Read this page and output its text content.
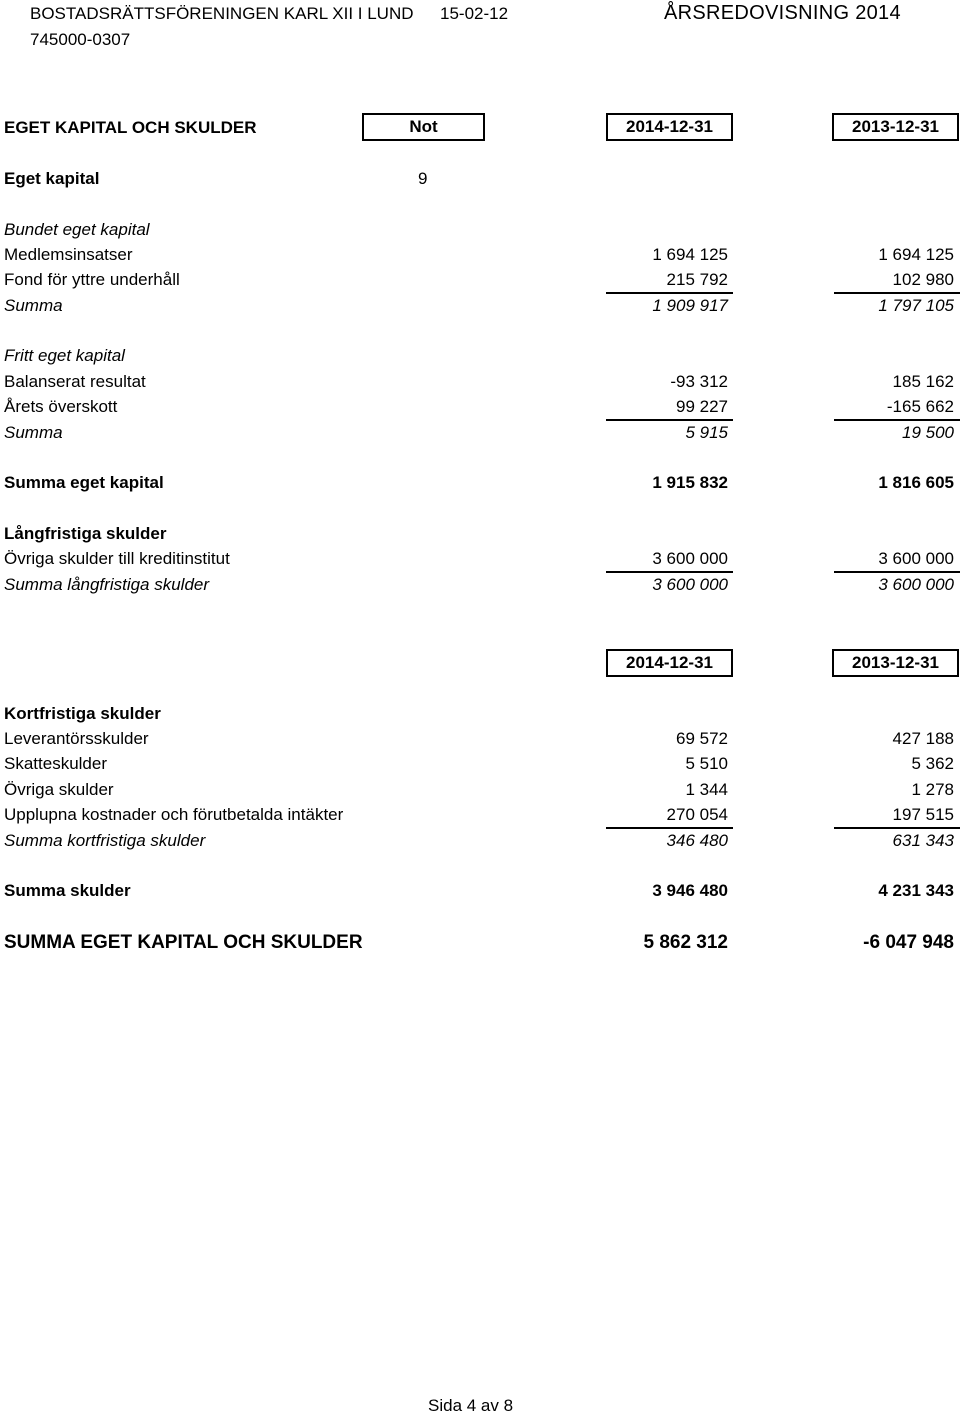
BOSTADSRÄTTSFÖRENINGEN KARL XII I LUND 15-02-12	ÅRSREDOVISNING 2014
745000-0307
EGET KAPITAL OCH SKULDER	Not	2014-12-31	2013-12-31
Eget kapital	9
Bundet eget kapital
Medlemsinsatser	1 694 125	1 694 125
Fond för yttre underhåll	215 792	102 980
Summa	1 909 917	1 797 105
Fritt eget kapital
Balanserat resultat	-93 312	185 162
Årets överskott	99 227	-165 662
Summa	5 915	19 500
Summa eget kapital	1 915 832	1 816 605
Långfristiga skulder
Övriga skulder till kreditinstitut	3 600 000	3 600 000
Summa långfristiga skulder	3 600 000	3 600 000
2014-12-31	2013-12-31
Kortfristiga skulder
Leverantörsskulder	69 572	427 188
Skatteskulder	5 510	5 362
Övriga skulder	1 344	1 278
Upplupna kostnader och förutbetalda intäkter	270 054	197 515
Summa kortfristiga skulder	346 480	631 343
Summa skulder	3 946 480	4 231 343
SUMMA EGET KAPITAL OCH SKULDER	5 862 312	-6 047 948
Sida 4 av 8
